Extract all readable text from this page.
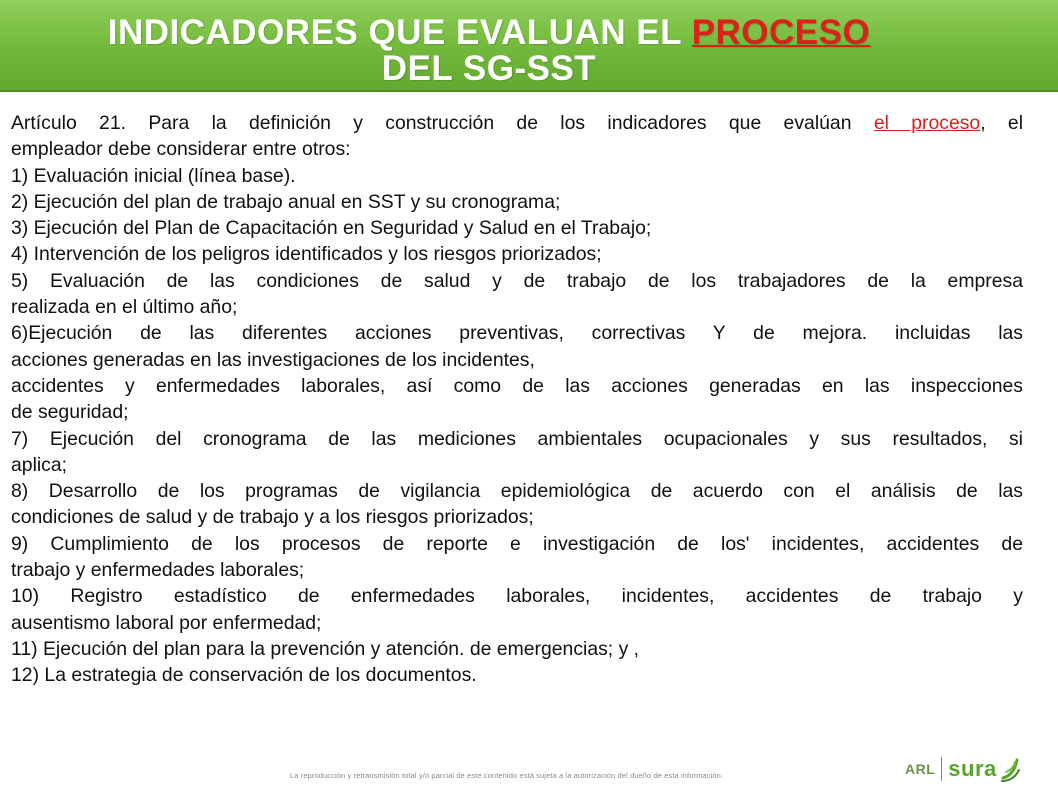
INDICADORES QUE EVALUAN EL PROCESO
DEL SG-SST

Artículo 21. Para la definición y construcción de los indicadores que evalúan el proceso, el

empleador debe considerar entre otros:

1) Evaluación inicial (línea base).

2) Ejecución del plan de trabajo anual en SST y su cronograma;

3) Ejecución del Plan de Capacitación en Seguridad y Salud en el Trabajo;

4) Intervención de los peligros identificados y los riesgos priorizados;

5) Evaluación de las condiciones de salud y de trabajo de los trabajadores de la empresa

realizada en el último año;

6)Ejecución de las diferentes acciones preventivas, correctivas Y de mejora. incluidas las

acciones generadas en las investigaciones de los incidentes,

accidentes y enfermedades laborales, así como de las acciones generadas en las inspecciones

de seguridad;

7) Ejecución del cronograma de las mediciones ambientales ocupacionales y sus resultados, si

aplica;

8) Desarrollo de los programas de vigilancia epidemiológica de acuerdo con el análisis de las

condiciones de salud y de trabajo y a los riesgos priorizados;

9) Cumplimiento de los procesos de reporte e investigación de los' incidentes, accidentes de

trabajo y enfermedades laborales;

10) Registro estadístico de enfermedades laborales, incidentes, accidentes de trabajo y

ausentismo laboral por enfermedad;

11) Ejecución del plan para la prevención y atención. de emergencias; y ,

12) La estrategia de conservación de los documentos.

La reproducción y retransmisión total y/o parcial de este contenido está sujeta a la autorización del dueño de esta información.	ARL sura
